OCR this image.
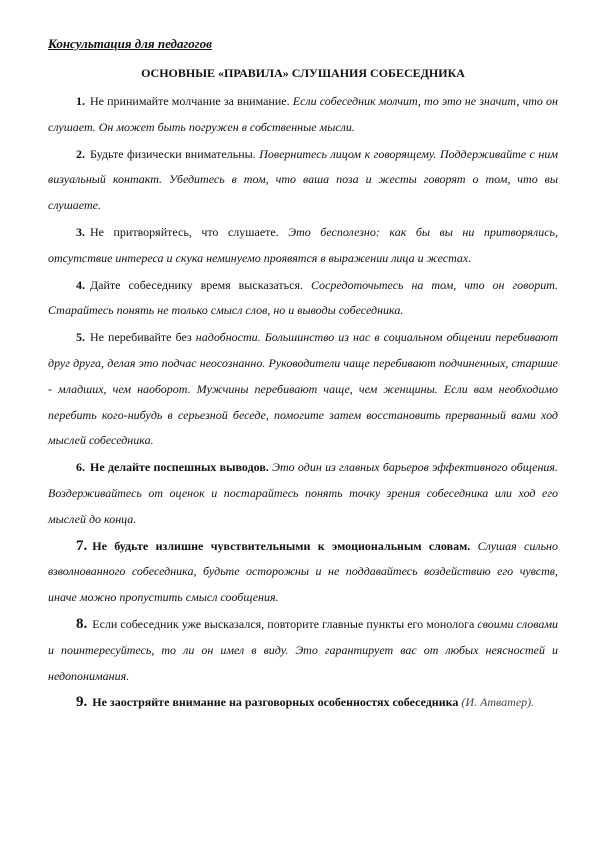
Консультация для педагогов
ОСНОВНЫЕ «ПРАВИЛА» СЛУШАНИЯ СОБЕСЕДНИКА

1. Не принимайте молчание за внимание. Если собеседник молчит, то это не значит, что он слушает. Он может быть погружен в собственные мысли.

2. Будьте физически внимательны. Повернитесь лицом к говорящему. Поддерживайте с ним визуальный контакт. Убедитесь в том, что ваша поза и жесты говорят о том, что вы слушаете.

3. Не притворяйтесь, что слушаете. Это бесполезно: как бы вы ни притворялись, отсутствие интереса и скука неминуемо проявятся в выражении лица и жестах.

4. Дайте собеседнику время высказаться. Сосредоточьтесь на том, что он говорит. Старайтесь понять не только смысл слов, но и выводы собеседника.

5. Не перебивайте без надобности. Большинство из нас в социальном общении перебивают друг друга, делая это подчас неосознанно. Руководители чаще перебивают подчиненных, старшие - младших, чем наоборот. Мужчины перебивают чаще, чем женщины. Если вам необходимо перебить кого-нибудь в серьезной беседе, помогите затем восстановить прерванный вами ход мыслей собеседника.

6. Не делайте поспешных выводов. Это один из главных барьеров эффективного общения. Воздерживайтесь от оценок и постарайтесь понять точку зрения собеседника или ход его мыслей до конца.

7. Не будьте излишне чувствительными к эмоциональным словам. Слушая сильно взволнованного собеседника, будьте осторожны и не поддавайтесь воздействию его чувств, иначе можно пропустить смысл сообщения.

8. Если собеседник уже высказался, повторите главные пункты его монолога своими словами и поинтересуйтесь, то ли он имел в виду. Это гарантирует вас от любых неясностей и недопонимания.

9. Не заостряйте внимание на разговорных особенностях собеседника (И. Атватер).
